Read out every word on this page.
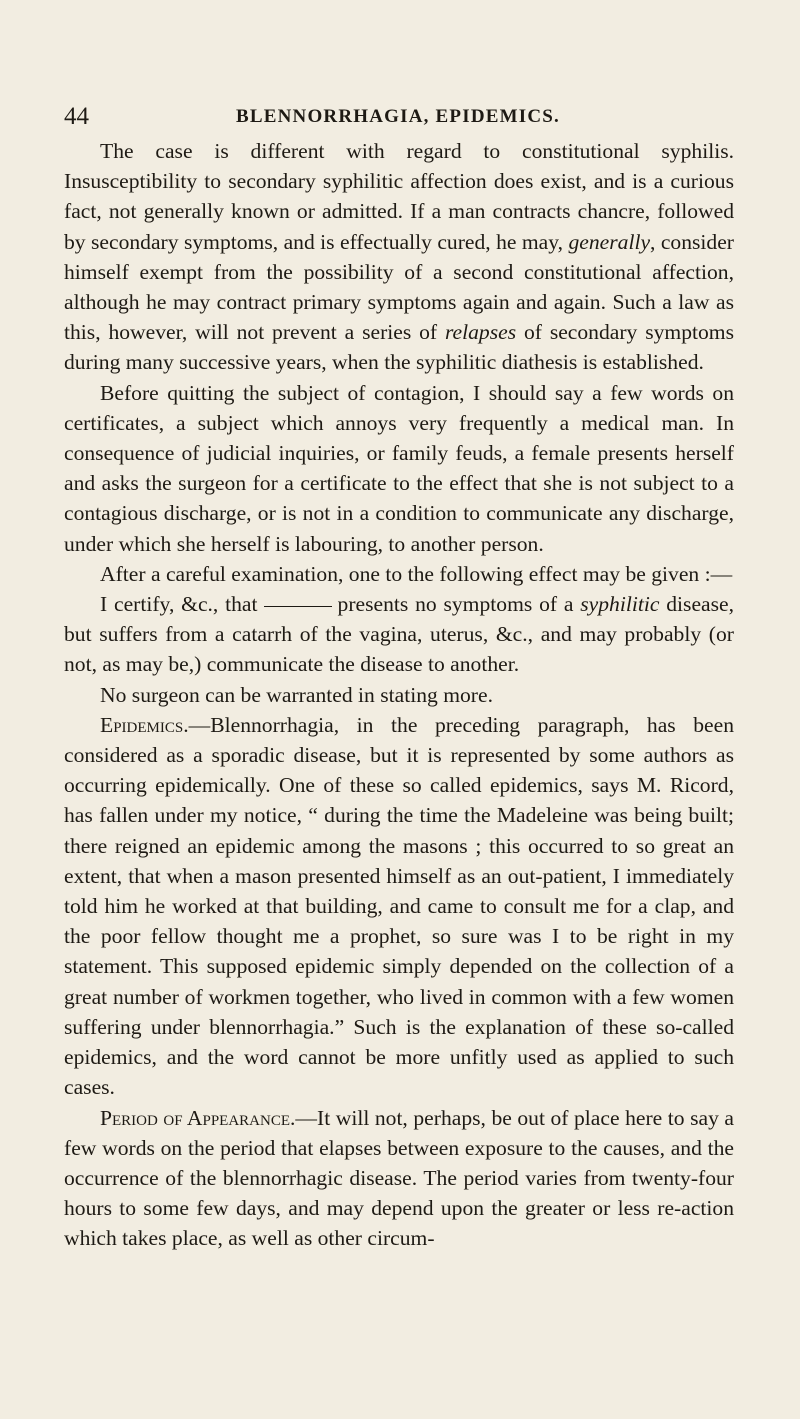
44	BLENNORRHAGIA, EPIDEMICS.

The case is different with regard to constitutional syphilis. Insusceptibility to secondary syphilitic affection does exist, and is a curious fact, not generally known or admitted. If a man contracts chancre, followed by secondary symptoms, and is effectually cured, he may, generally, consider himself exempt from the possibility of a second constitutional affection, although he may contract primary symptoms again and again. Such a law as this, however, will not prevent a series of relapses of secondary symptoms during many successive years, when the syphilitic diathesis is established.

Before quitting the subject of contagion, I should say a few words on certificates, a subject which annoys very frequently a medical man. In consequence of judicial inquiries, or family feuds, a female presents herself and asks the surgeon for a certificate to the effect that she is not subject to a contagious discharge, or is not in a condition to communicate any discharge, under which she herself is labouring, to another person.

After a careful examination, one to the following effect may be given :—

I certify, &c., that	presents no symptoms of a syphilitic disease, but suffers from a catarrh of the vagina, uterus, &c., and may probably (or not, as may be,) communicate the disease to another.

No surgeon can be warranted in stating more.

Epidemics.—Blennorrhagia, in the preceding paragraph, has been considered as a sporadic disease, but it is represented by some authors as occurring epidemically. One of these so called epidemics, says M. Ricord, has fallen under my notice, “ during the time the Madeleine was being built; there reigned an epidemic among the masons ; this occurred to so great an extent, that when a mason presented himself as an out-patient, I immediately told him he worked at that building, and came to consult me for a clap, and the poor fellow thought me a prophet, so sure was I to be right in my statement. This supposed epidemic simply depended on the collection of a great number of workmen together, who lived in common with a few women suffering under blennorrhagia.” Such is the explanation of these so-called epidemics, and the word cannot be more unfitly used as applied to such cases.

Period of Appearance.—It will not, perhaps, be out of place here to say a few words on the period that elapses between exposure to the causes, and the occurrence of the blennorrhagic disease. The period varies from twenty-four hours to some few days, and may depend upon the greater or less re-action which takes place, as well as other circum-
